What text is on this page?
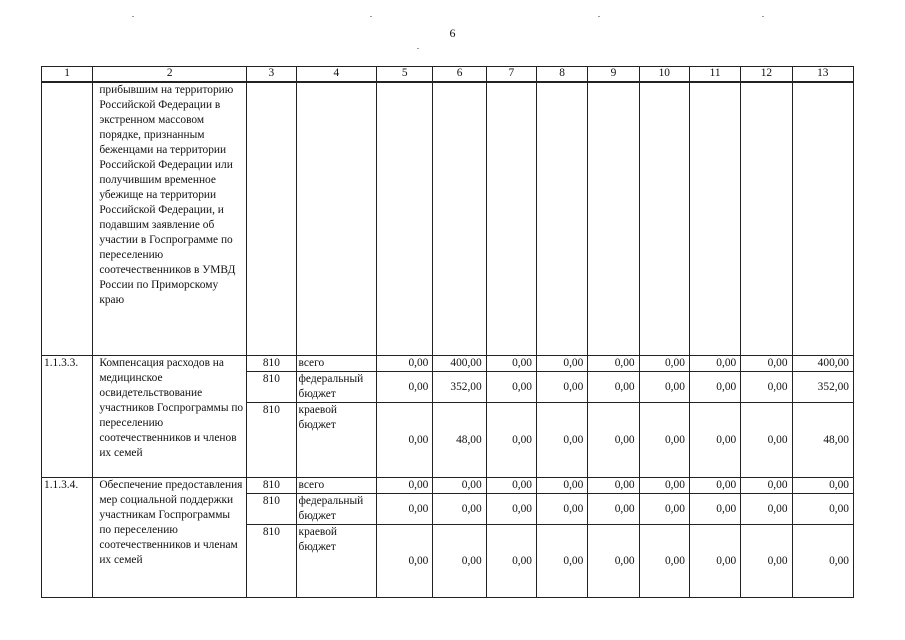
6
1	2	3	4	5	6	7	8	9	10	11	12	13
	прибывшим на территорию Российской Федерации в экстренном массовом порядке, признанным беженцами на территории Российской Федерации или получившим временное убежище на территории Российской Федерации, и подавшим заявление об участии в Госпрограмме по переселению соотечественников в УМВД России по Приморскому краю											
1.1.3.3.	Компенсация расходов на медицинское освидетельствование участников Госпрограммы по переселению соотечественников и членов их семей	810	всего	0,00	400,00	0,00	0,00	0,00	0,00	0,00	0,00	400,00
		810	федеральный бюджет	0,00	352,00	0,00	0,00	0,00	0,00	0,00	0,00	352,00
		810	краевой бюджет	0,00	48,00	0,00	0,00	0,00	0,00	0,00	0,00	48,00
1.1.3.4.	Обеспечение предоставления мер социальной поддержки участникам Госпрограммы по переселению соотечественников и членам их семей	810	всего	0,00	0,00	0,00	0,00	0,00	0,00	0,00	0,00	0,00
		810	федеральный бюджет	0,00	0,00	0,00	0,00	0,00	0,00	0,00	0,00	0,00
		810	краевой бюджет	0,00	0,00	0,00	0,00	0,00	0,00	0,00	0,00	0,00
